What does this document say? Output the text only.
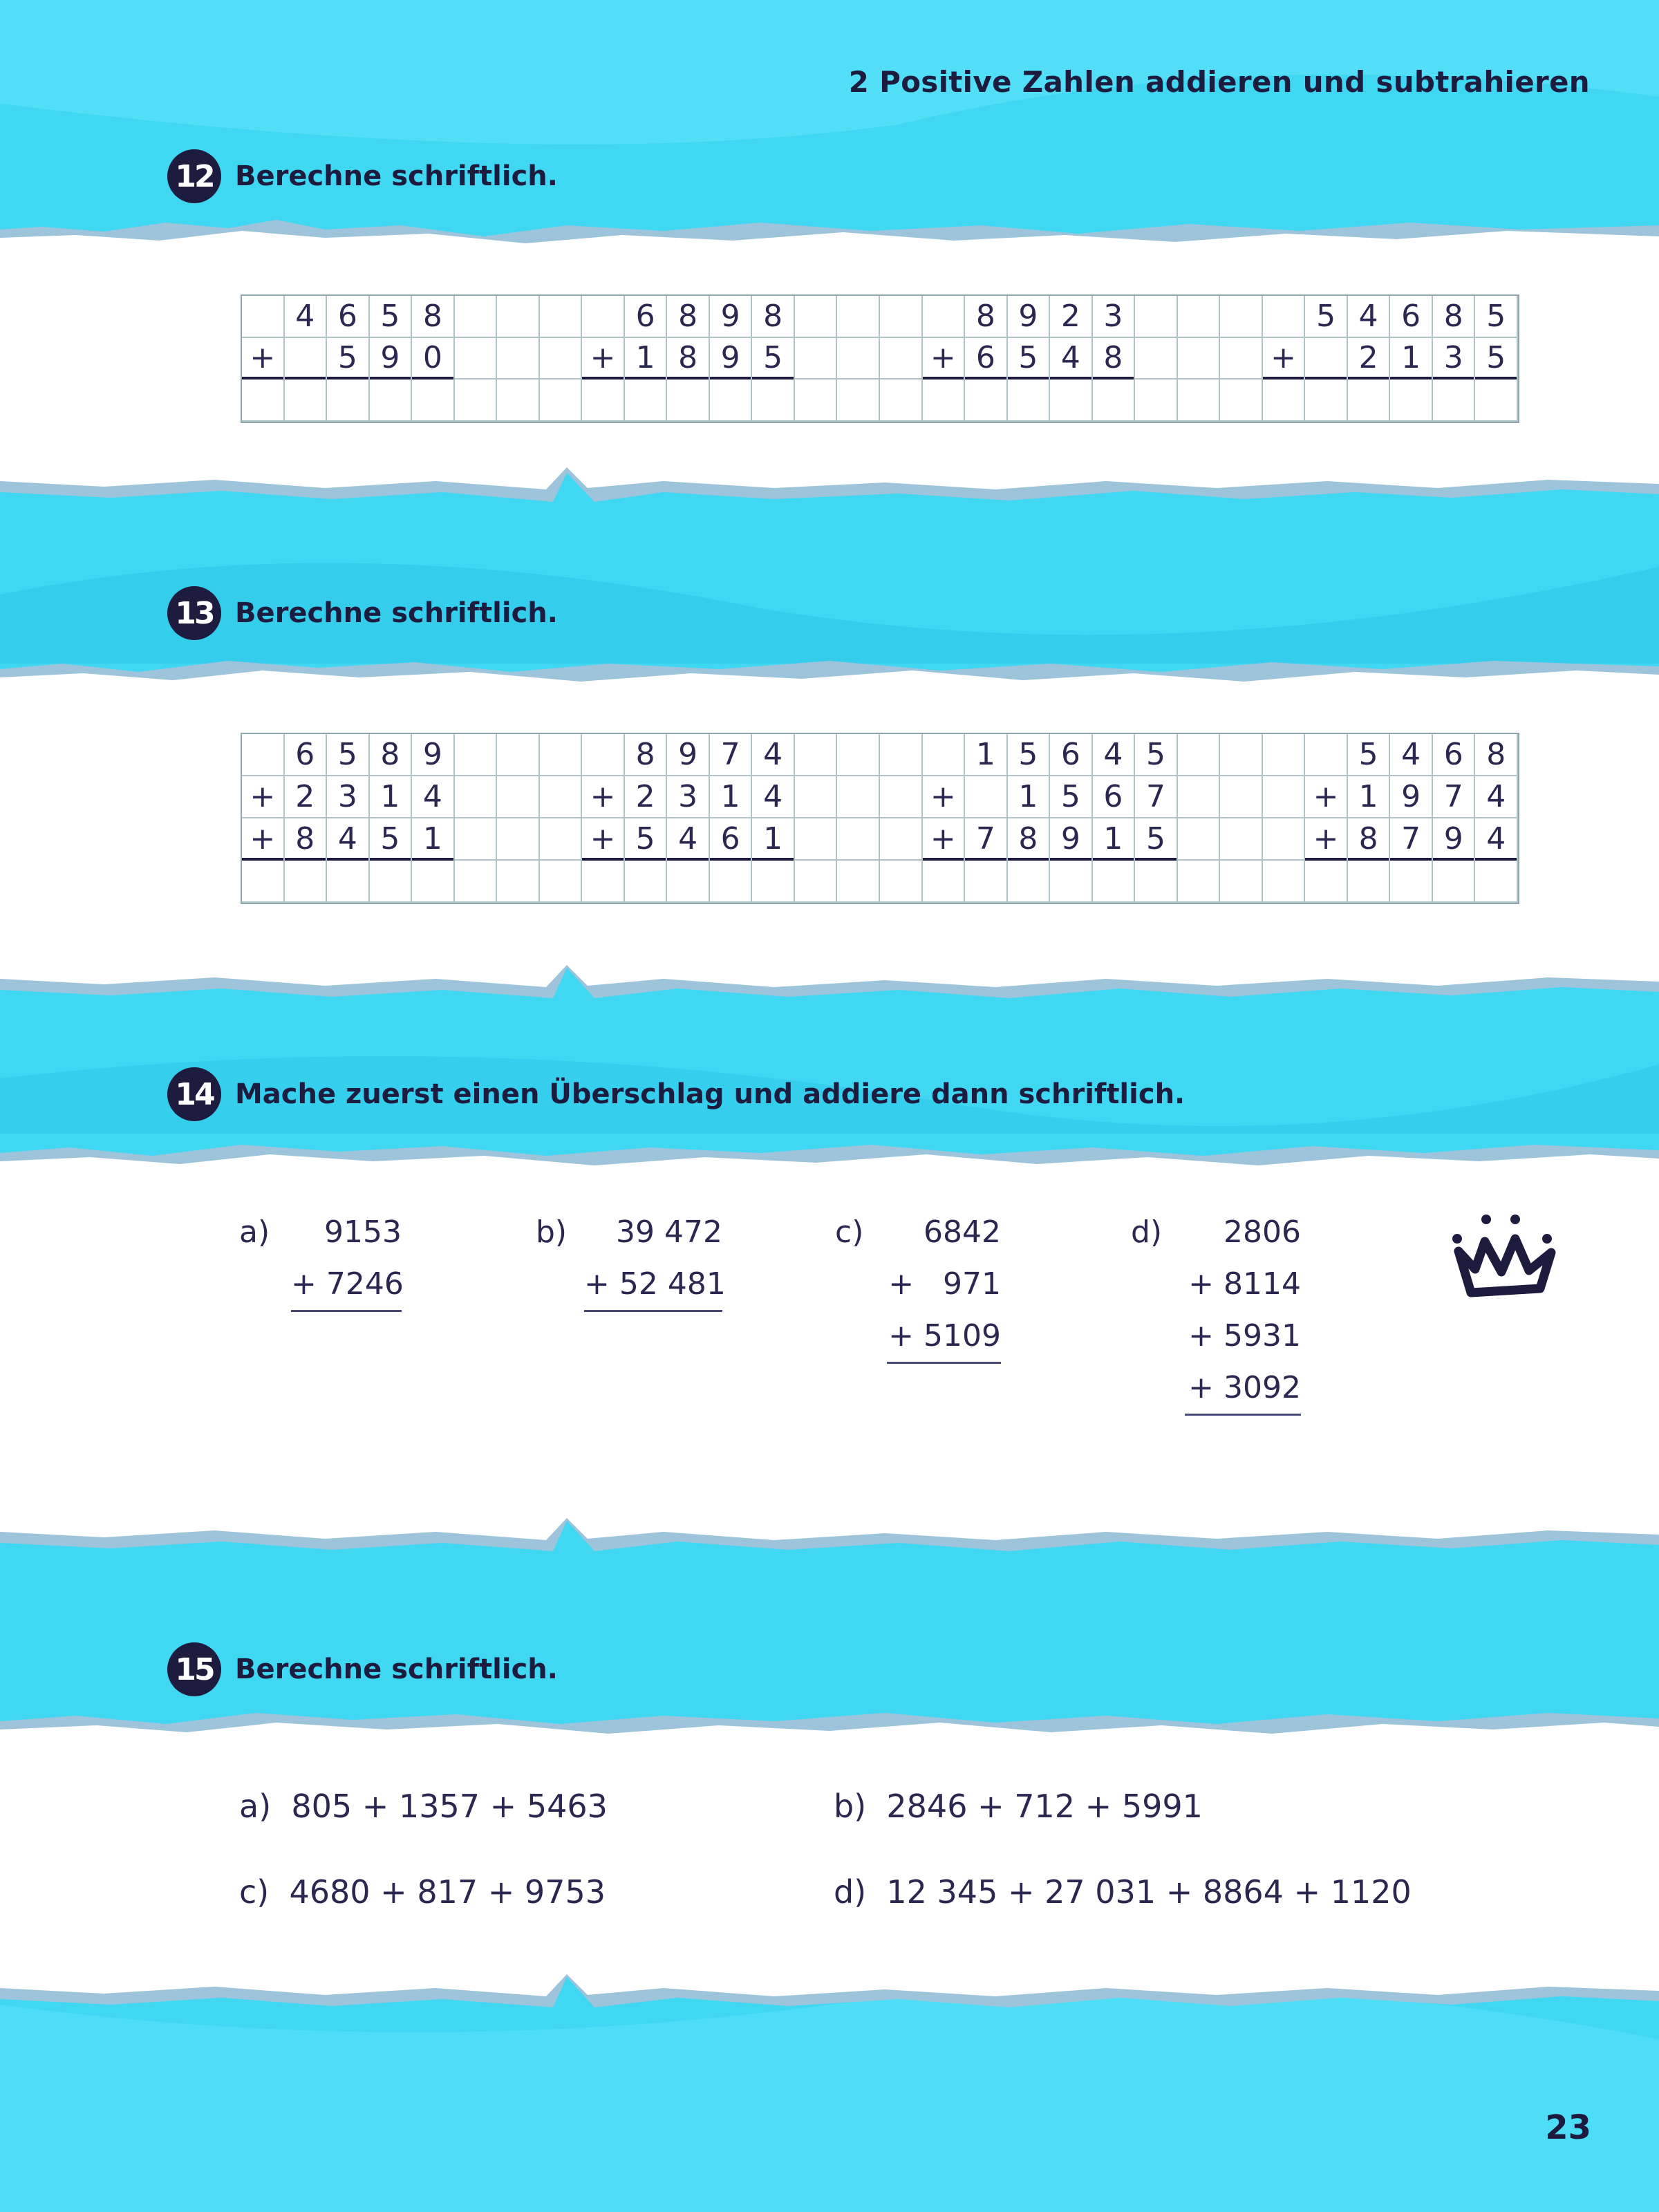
2 Positive Zahlen addieren und subtrahieren
12 Berechne schriftlich.
4 6 5 8	6 8 9 8	8 9 2 3	5 4 6 8 5
+	5 9 0	+ 1 8 9 5	+ 6 5 4 8	+	2 1 3 5
13 Berechne schriftlich.
6 5 8 9	8 9 7 4	1 5 6 4 5	5 4 6 8
+ 2 3 1 4	+ 2 3 1 4	+	1 5 6 7	+ 1 9 7 4
+ 8 4 5 1	+ 5 4 6 1	+ 7 8 9 1 5	+ 8 7 9 4
14 Mache zuerst einen Überschlag und addiere dann schriftlich.
a)	9153
+ 7246
b)	39 472
+ 52 481
c)	6842
+   971
+ 5109
d)	2806
+ 8114
+ 5931
+ 3092
15 Berechne schriftlich.
a)  805 + 1357 + 5463	b)  2846 + 712 + 5991
c)  4680 + 817 + 9753	d)  12 345 + 27 031 + 8864 + 1120
23
